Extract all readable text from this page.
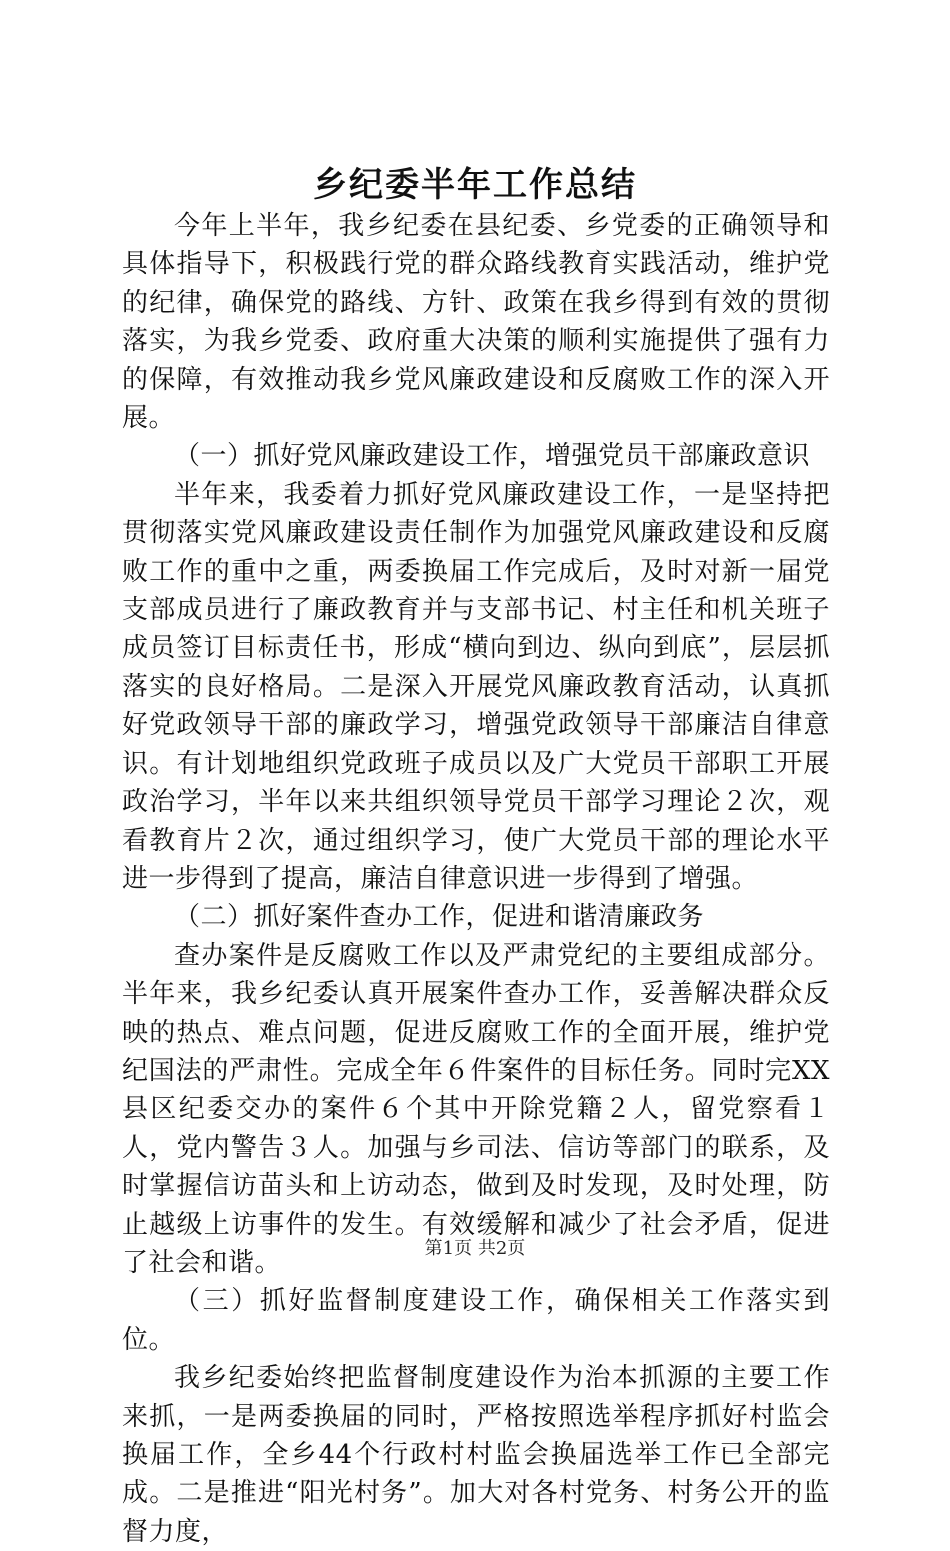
乡纪委半年工作总结

今年上半年，我乡纪委在县纪委、乡党委的正确领导和具体指导下，积极践行党的群众路线教育实践活动，维护党的纪律，确保党的路线、方针、政策在我乡得到有效的贯彻落实，为我乡党委、政府重大决策的顺利实施提供了强有力的保障，有效推动我乡党风廉政建设和反腐败工作的深入开展。

（一）抓好党风廉政建设工作，增强党员干部廉政意识

半年来，我委着力抓好党风廉政建设工作，一是坚持把贯彻落实党风廉政建设责任制作为加强党风廉政建设和反腐败工作的重中之重，两委换届工作完成后，及时对新一届党支部成员进行了廉政教育并与支部书记、村主任和机关班子成员签订目标责任书，形成“横向到边、纵向到底”，层层抓落实的良好格局。二是深入开展党风廉政教育活动，认真抓好党政领导干部的廉政学习，增强党政领导干部廉洁自律意识。有计划地组织党政班子成员以及广大党员干部职工开展政治学习，半年以来共组织领导党员干部学习理论２次，观看教育片２次，通过组织学习，使广大党员干部的理论水平进一步得到了提高，廉洁自律意识进一步得到了增强。

（二）抓好案件查办工作，促进和谐清廉政务

查办案件是反腐败工作以及严肃党纪的主要组成部分。半年来，我乡纪委认真开展案件查办工作，妥善解决群众反映的热点、难点问题，促进反腐败工作的全面开展，维护党纪国法的严肃性。完成全年６件案件的目标任务。同时完XX县区纪委交办的案件６个其中开除党籍２人，留党察看１人，党内警告３人。加强与乡司法、信访等部门的联系，及时掌握信访苗头和上访动态，做到及时发现，及时处理，防止越级上访事件的发生。有效缓解和减少了社会矛盾，促进了社会和谐。

（三）抓好监督制度建设工作，确保相关工作落实到位。

我乡纪委始终把监督制度建设作为治本抓源的主要工作来抓，一是两委换届的同时，严格按照选举程序抓好村监会换届工作，全乡44个行政村村监会换届选举工作已全部完成。二是推进“阳光村务”。加大对各村党务、村务公开的监督力度，

第1页 共2页
